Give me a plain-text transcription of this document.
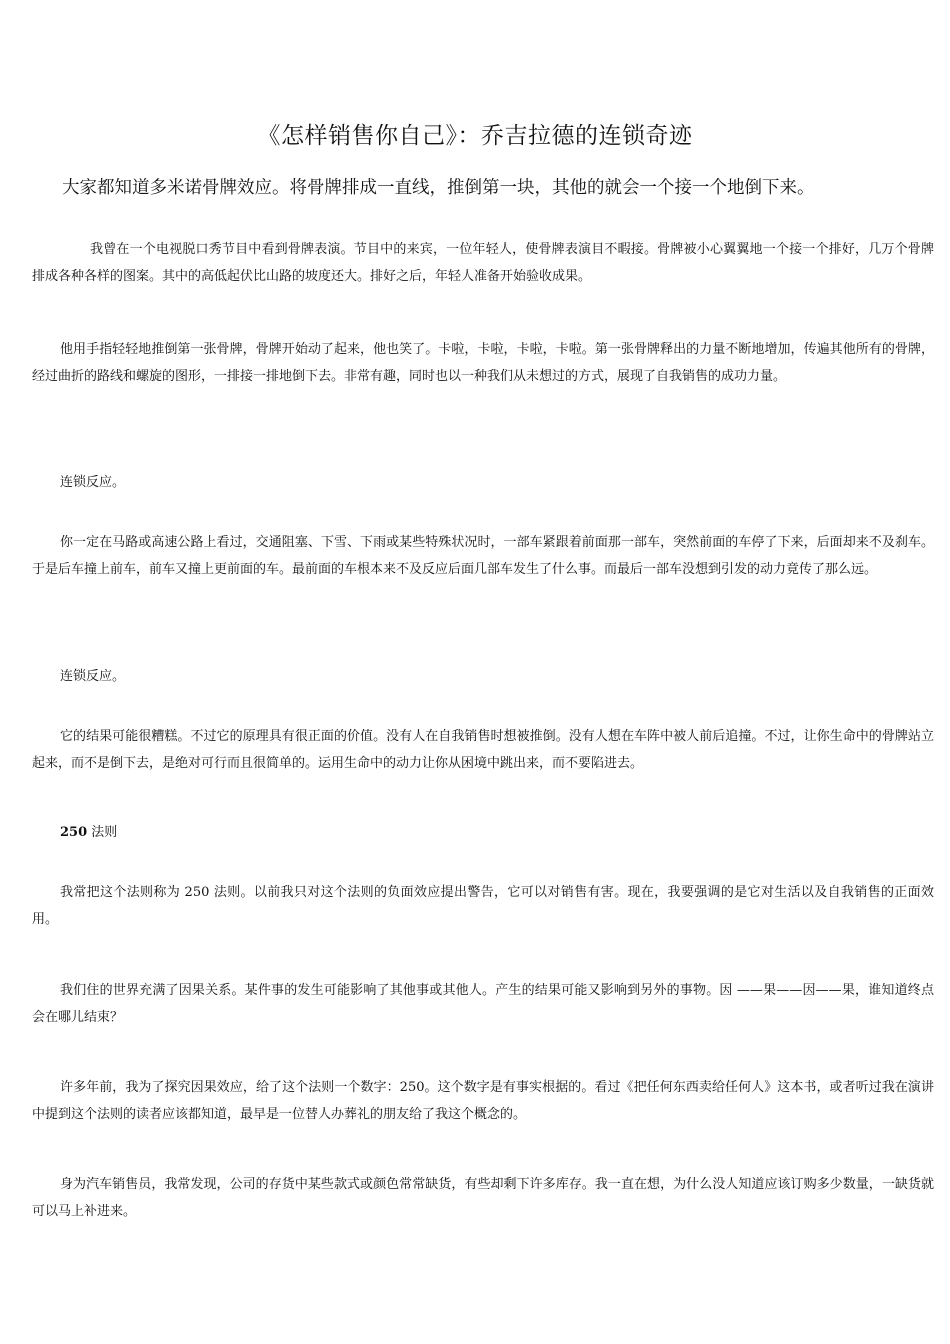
《怎样销售你自己》：乔吉拉德的连锁奇迹
大家都知道多米诺骨牌效应。将骨牌排成一直线，推倒第一块，其他的就会一个接一个地倒下来。

我曾在一个电视脱口秀节目中看到骨牌表演。节目中的来宾，一位年轻人，使骨牌表演目不暇接。骨牌被小心翼翼地一个接一个排好，几万个骨牌排成各种各样的图案。其中的高低起伏比山路的坡度还大。排好之后，年轻人准备开始验收成果。

他用手指轻轻地推倒第一张骨牌，骨牌开始动了起来，他也笑了。卡啦，卡啦，卡啦，卡啦。第一张骨牌释出的力量不断地增加，传遍其他所有的骨牌，经过曲折的路线和螺旋的图形，一排接一排地倒下去。非常有趣，同时也以一种我们从未想过的方式，展现了自我销售的成功力量。

连锁反应。

你一定在马路或高速公路上看过，交通阻塞、下雪、下雨或某些特殊状况时，一部车紧跟着前面那一部车，突然前面的车停了下来，后面却来不及刹车。于是后车撞上前车，前车又撞上更前面的车。最前面的车根本来不及反应后面几部车发生了什么事。而最后一部车没想到引发的动力竟传了那么远。

连锁反应。

它的结果可能很糟糕。不过它的原理具有很正面的价值。没有人在自我销售时想被推倒。没有人想在车阵中被人前后追撞。不过，让你生命中的骨牌站立起来，而不是倒下去，是绝对可行而且很简单的。运用生命中的动力让你从困境中跳出来，而不要陷进去。

250 法则

我常把这个法则称为 250 法则。以前我只对这个法则的负面效应提出警告，它可以对销售有害。现在，我要强调的是它对生活以及自我销售的正面效用。

我们住的世界充满了因果关系。某件事的发生可能影响了其他事或其他人。产生的结果可能又影响到另外的事物。因 ——果——因——果，谁知道终点会在哪儿结束？

许多年前，我为了探究因果效应，给了这个法则一个数字：250。这个数字是有事实根据的。看过《把任何东西卖给任何人》这本书，或者听过我在演讲中提到这个法则的读者应该都知道，最早是一位替人办葬礼的朋友给了我这个概念的。

身为汽车销售员，我常发现，公司的存货中某些款式或颜色常常缺货，有些却剩下许多库存。我一直在想，为什么没人知道应该订购多少数量，一缺货就可以马上补进来。
